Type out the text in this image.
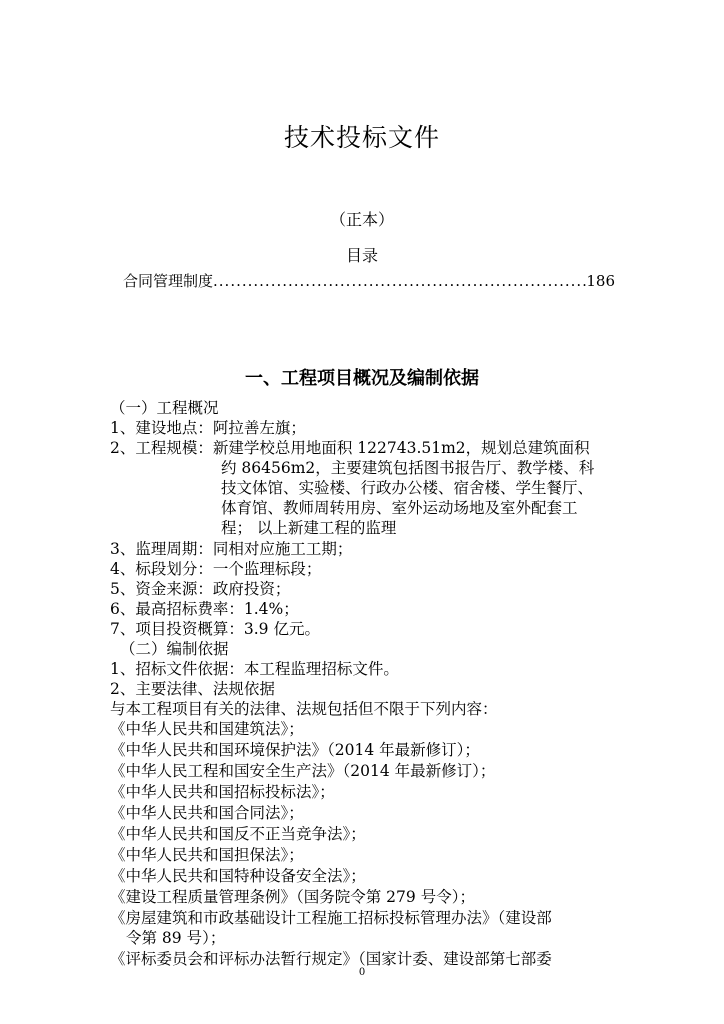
技术投标文件
（正本）
目录
合同管理制度
.....	186
一、工程项目概况及编制依据
（一）工程概况
1、建设地点：阿拉善左旗；
2、工程规模：新建学校总用地面积 122743.51m2，规划总建筑面积
约 86456m2，主要建筑包括图书报告厅、教学楼、科
技文体馆、实验楼、行政办公楼、宿舍楼、学生餐厅、
体育馆、教师周转用房、室外运动场地及室外配套工
程； 以上新建工程的监理
3、监理周期：同相对应施工工期；
4、标段划分：一个监理标段；
5、资金来源：政府投资；
6、最高招标费率：1.4%；
7、项目投资概算：3.9 亿元。
（二）编制依据
1、招标文件依据：本工程监理招标文件。
2、主要法律、法规依据
与本工程项目有关的法律、法规包括但不限于下列内容：
《中华人民共和国建筑法》；
《中华人民共和国环境保护法》（2014 年最新修订）；
《中华人民工程和国安全生产法》（2014 年最新修订）；
《中华人民共和国招标投标法》；
《中华人民共和国合同法》；
《中华人民共和国反不正当竞争法》；
《中华人民共和国担保法》；
《中华人民共和国特种设备安全法》；
《建设工程质量管理条例》（国务院令第 279 号令）；
《房屋建筑和市政基础设计工程施工招标投标管理办法》（建设部
令第 89 号）；
《评标委员会和评标办法暂行规定》（国家计委、建设部第七部委
0
